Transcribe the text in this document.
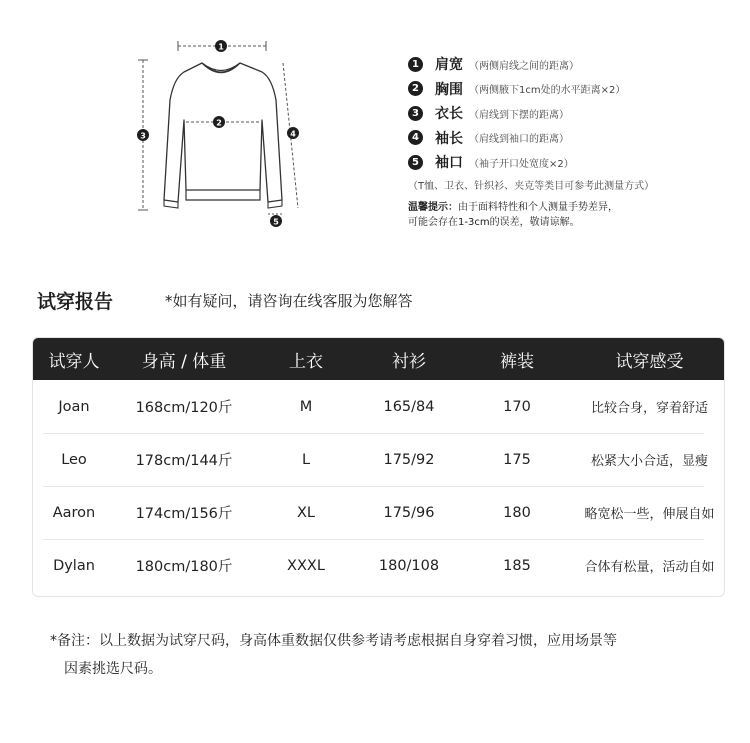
1
2
3	4
5
1 肩宽 （两侧肩线之间的距离）
2 胸围 （两侧腋下1cm处的水平距离×2）
3 衣长 （肩线到下摆的距离）
4 袖长 （肩线到袖口的距离）
5 袖口 （袖子开口处宽度×2）
（T恤、卫衣、针织衫、夹克等类目可参考此测量方式）
温馨提示：由于面料特性和个人测量手势差异，
可能会存在1-3cm的误差，敬请谅解。
试穿报告	*如有疑问，请咨询在线客服为您解答
试穿人	身高 / 体重	上衣	衬衫	裤装	试穿感受
Joan	168cm/120斤	M	165/84	170	比较合身，穿着舒适
Leo	178cm/144斤	L	175/92	175	松紧大小合适，显瘦
Aaron	174cm/156斤	XL	175/96	180	略宽松一些，伸展自如
Dylan	180cm/180斤	XXXL	180/108	185	合体有松量，活动自如
*备注：以上数据为试穿尺码，身高体重数据仅供参考请考虑根据自身穿着习惯，应用场景等
因素挑选尺码。
